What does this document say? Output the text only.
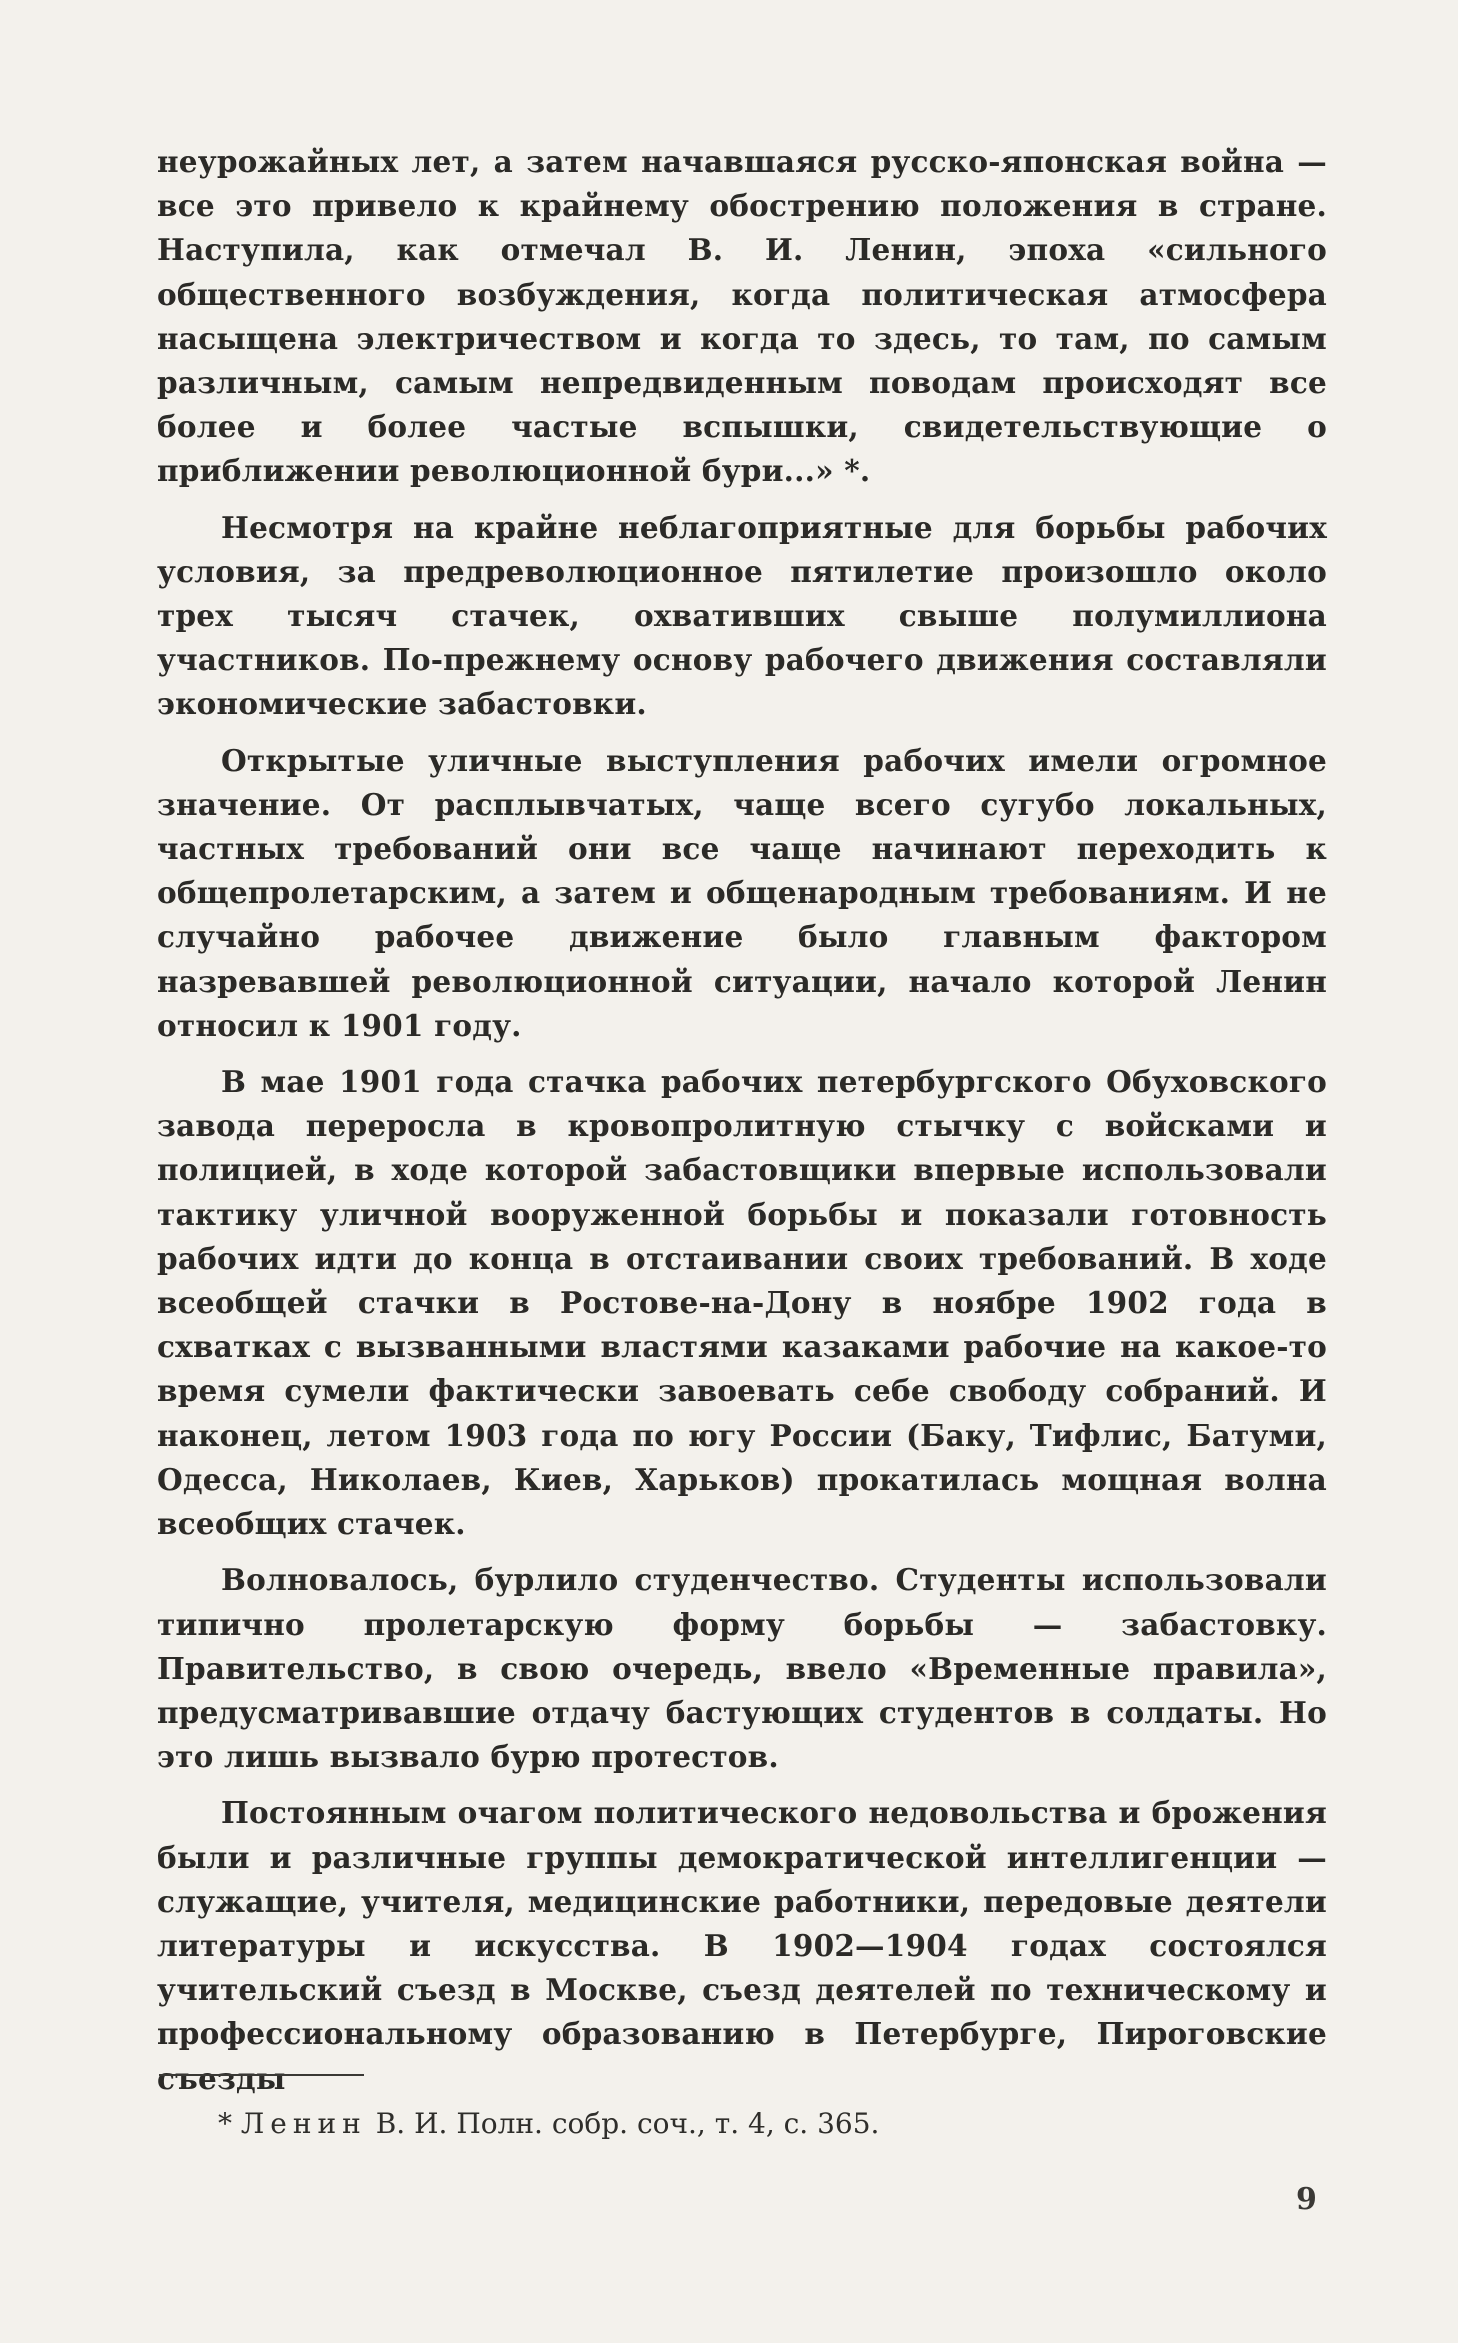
неурожайных лет, а затем начавшаяся русско-японская война — все это привело к крайнему обострению положения в стране. Наступила, как отмечал В. И. Ленин, эпоха «сильного общественного возбуждения, когда политическая атмосфера насыщена электричеством и когда то здесь, то там, по самым различным, самым непредвиденным поводам происходят все более и более частые вспышки, свидетельствующие о приближении революционной бури...» *.

Несмотря на крайне неблагоприятные для борьбы рабочих условия, за предреволюционное пятилетие произошло около трех тысяч стачек, охвативших свыше полумиллиона участников. По-прежнему основу рабочего движения составляли экономические забастовки.

Открытые уличные выступления рабочих имели огромное значение. От расплывчатых, чаще всего сугубо локальных, частных требований они все чаще начинают переходить к общепролетарским, а затем и общенародным требованиям. И не случайно рабочее движение было главным фактором назревавшей революционной ситуации, начало которой Ленин относил к 1901 году.

В мае 1901 года стачка рабочих петербургского Обуховского завода переросла в кровопролитную стычку с войсками и полицией, в ходе которой забастовщики впервые использовали тактику уличной вооруженной борьбы и показали готовность рабочих идти до конца в отстаивании своих требований. В ходе всеобщей стачки в Ростове-на-Дону в ноябре 1902 года в схватках с вызванными властями казаками рабочие на какое-то время сумели фактически завоевать себе свободу собраний. И наконец, летом 1903 года по югу России (Баку, Тифлис, Батуми, Одесса, Николаев, Киев, Харьков) прокатилась мощная волна всеобщих стачек.

Волновалось, бурлило студенчество. Студенты использовали типично пролетарскую форму борьбы — забастовку. Правительство, в свою очередь, ввело «Временные правила», предусматривавшие отдачу бастующих студентов в солдаты. Но это лишь вызвало бурю протестов.

Постоянным очагом политического недовольства и брожения были и различные группы демократической интеллигенции — служащие, учителя, медицинские работники, передовые деятели литературы и искусства. В 1902—1904 годах состоялся учительский съезд в Москве, съезд деятелей по техническому и профессиональному образованию в Петербурге, Пироговские съезды

* Ленин В. И. Полн. собр. соч., т. 4, с. 365.
9
